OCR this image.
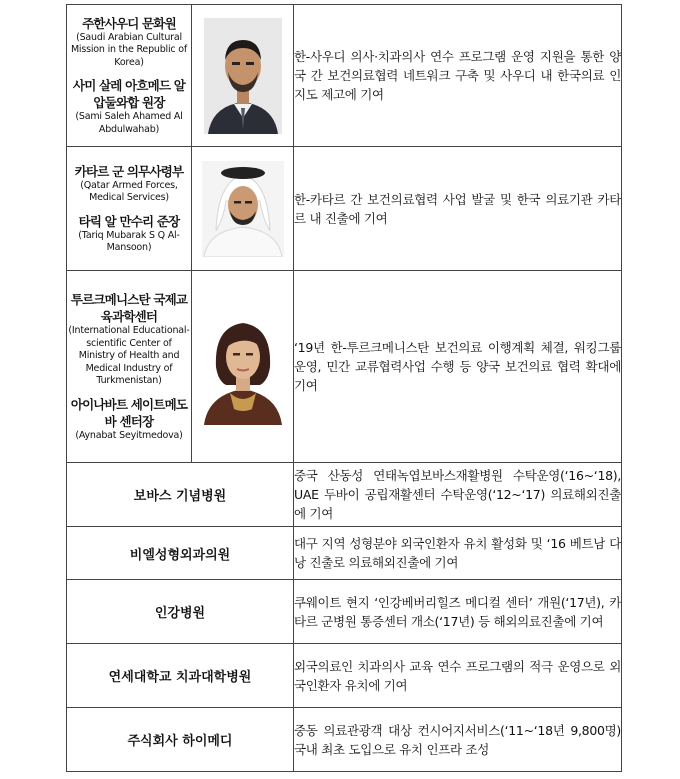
주한사우디 문화원
(Saudi Arabian Cultural Mission in the Republic of Korea)
사미 살레 아흐메드 알 압둘와합 원장
(Sami Saleh Ahamed Al Abdulwahab)		한-사우디 의사·치과의사 연수 프로그램 운영 지원을 통한 양국 간 보건의료협력 네트워크 구축 및 사우디 내 한국의료 인지도 제고에 기여

카타르 군 의무사령부
(Qatar Armed Forces, Medical Services)
타릭 알 만수리 준장
(Tariq Mubarak S Q Al-Mansoon)		한-카타르 간 보건의료협력 사업 발굴 및 한국 의료기관 카타르 내 진출에 기여

투르크메니스탄 국제교육과학센터
(International Educational-scientific Center of Ministry of Health and Medical Industry of Turkmenistan)
아이나바트 세이트메도바 센터장
(Aynabat Seyitmedova)		‘19년 한-투르크메니스탄 보건의료 이행계획 체결, 워킹그룹 운영, 민간 교류협력사업 수행 등 양국 보건의료 협력 확대에 기여
보바스 기념병원		중국 산동성 연태녹엽보바스재활병원 수탁운영(‘16~‘18), UAE 두바이 공립재활센터 수탁운영(‘12~‘17) 의료해외진출에 기여
비엘성형외과의원		대구 지역 성형분야 외국인환자 유치 활성화 및 ‘16 베트남 다낭 진출로 의료해외진출에 기여
인강병원		쿠웨이트 현지 ‘인강베버리힐즈 메디컬 센터’ 개원(‘17년), 카타르 군병원 통증센터 개소(‘17년) 등 해외의료진출에 기여
연세대학교 치과대학병원		외국의료인 치과의사 교육 연수 프로그램의 적극 운영으로 외국인환자 유치에 기여
주식회사 하이메디		중동 의료관광객 대상 컨시어지서비스(‘11~‘18년 9,800명) 국내 최초 도입으로 유치 인프라 조성
